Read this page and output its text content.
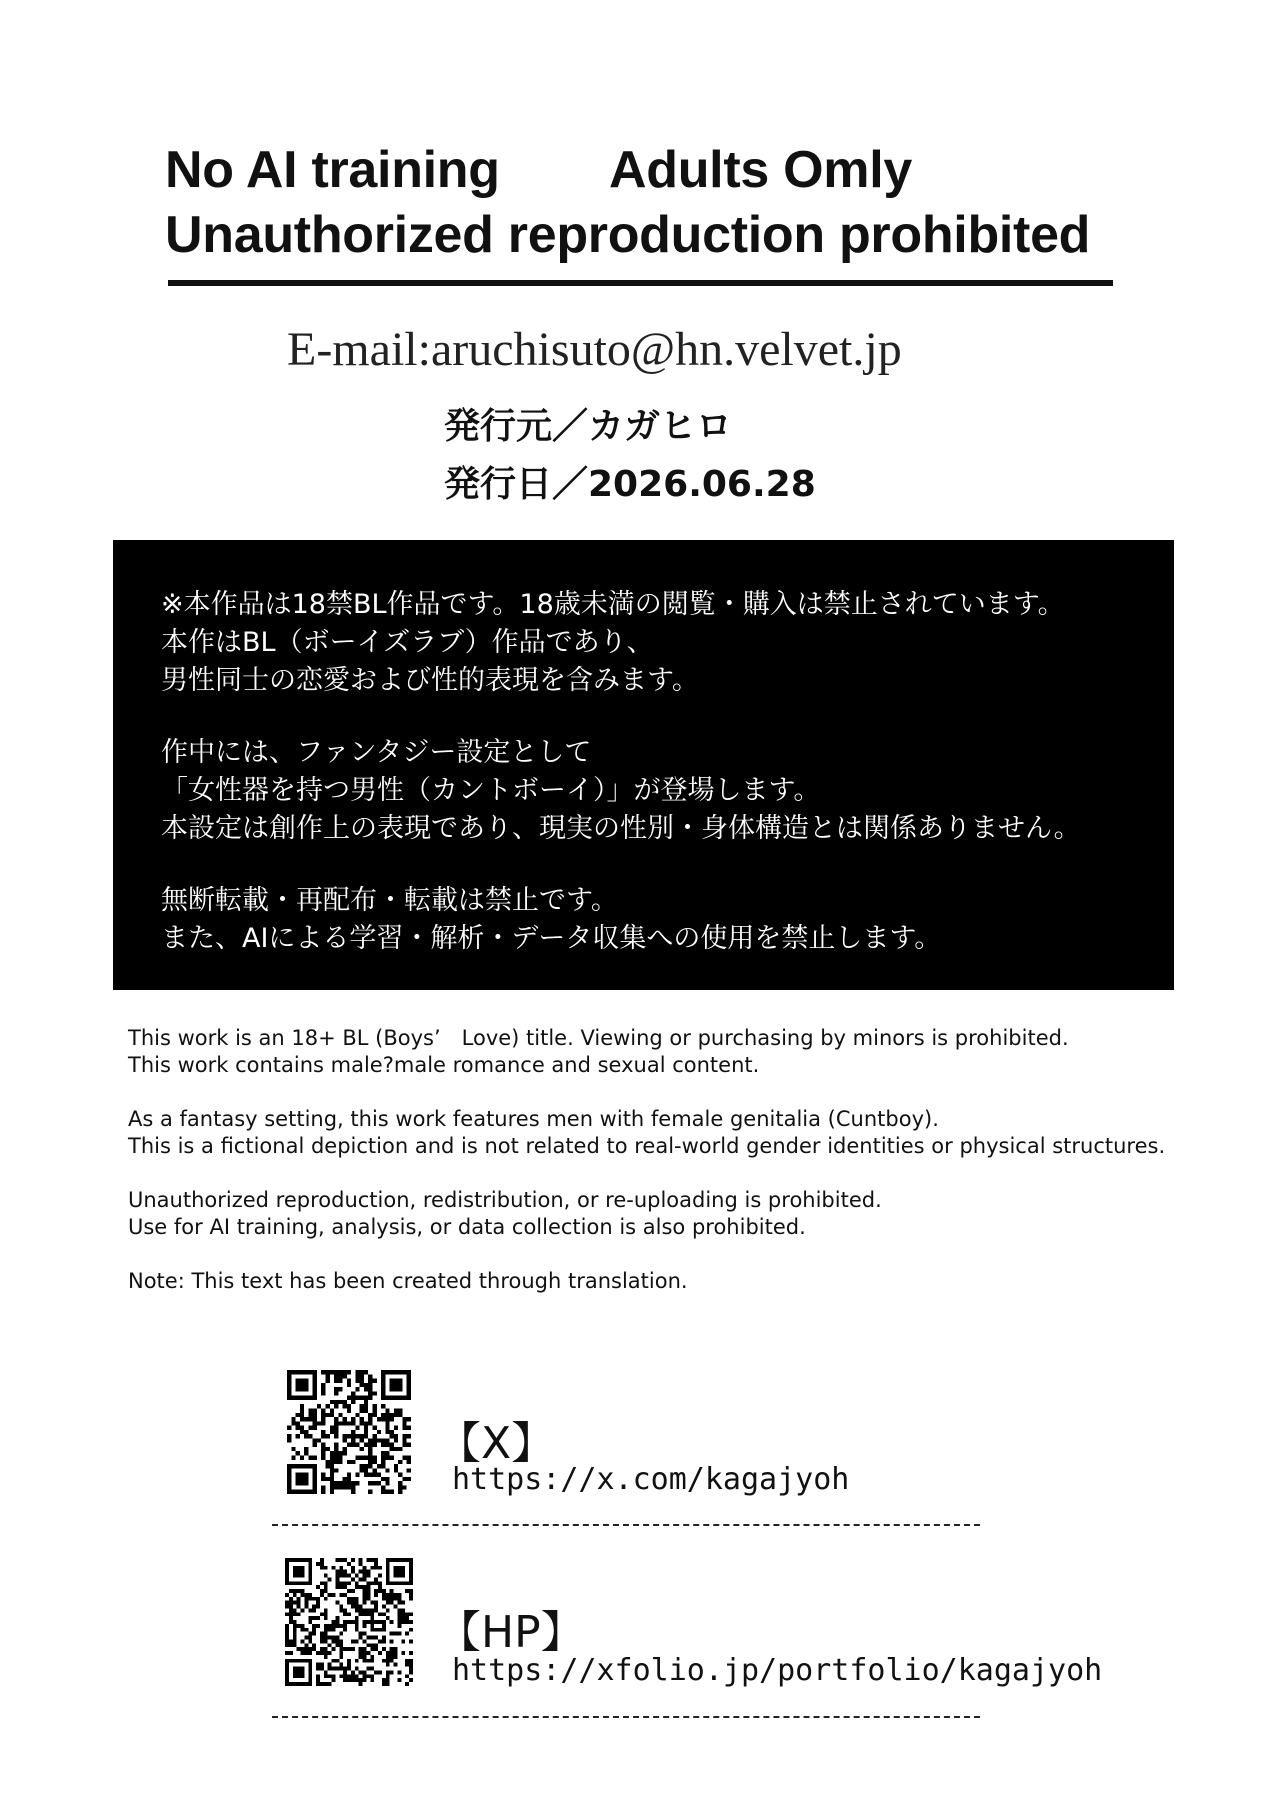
No AI training Adults Omly
Unauthorized reproduction prohibited
E-mail:aruchisuto@hn.velvet.jp
発行元／カガヒロ
発行日／2026.06.28
※本作品は18禁BL作品です。18歳未満の閲覧・購入は禁止されています。
本作はBL（ボーイズラブ）作品であり、
男性同士の恋愛および性的表現を含みます。
作中には、ファンタジー設定として
「女性器を持つ男性（カントボーイ）」が登場します。
本設定は創作上の表現であり、現実の性別・身体構造とは関係ありません。
無断転載・再配布・転載は禁止です。
また、AIによる学習・解析・データ収集への使用を禁止します。
This work is an 18+ BL (Boys’ Love) title. Viewing or purchasing by minors is prohibited.
This work contains male?male romance and sexual content.
As a fantasy setting, this work features men with female genitalia (Cuntboy).
This is a fictional depiction and is not related to real-world gender identities or physical structures.
Unauthorized reproduction, redistribution, or re-uploading is prohibited.
Use for AI training, analysis, or data collection is also prohibited.
Note: This text has been created through translation.
【X】
https://x.com/kagajyoh
【HP】
https://xfolio.jp/portfolio/kagajyoh
